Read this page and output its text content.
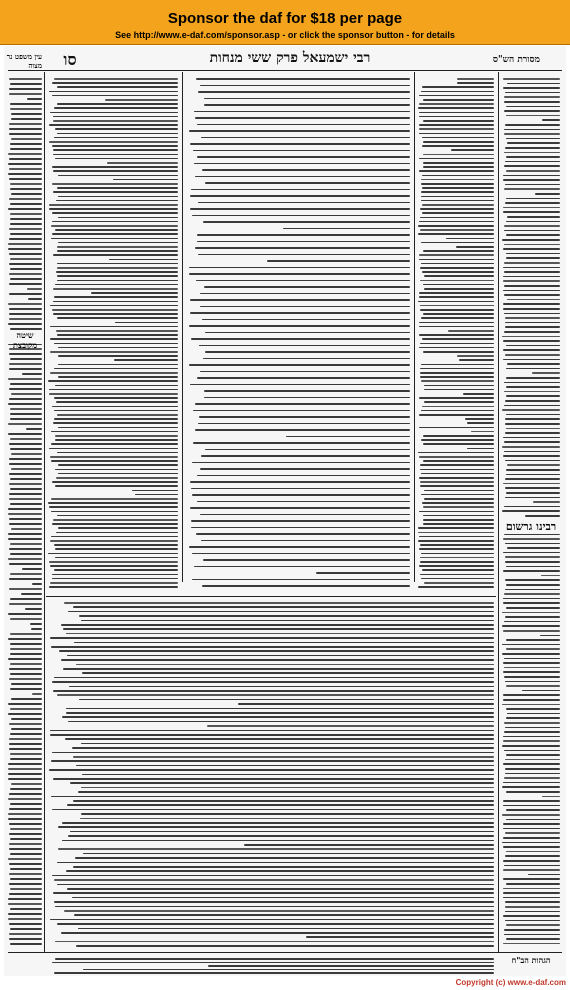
Sponsor the daf for $18 per page
See http://www.e-daf.com/sponsor.asp - or click the sponsor button - for details
רבי ישמעאל פרק ששי מנחות
סו	מסורת הש"ס
עין משפט נר מצוה
רבינו גרשום
שיטה מקובצת
הגהות הב"ח
Copyright (c) www.e-daf.com
